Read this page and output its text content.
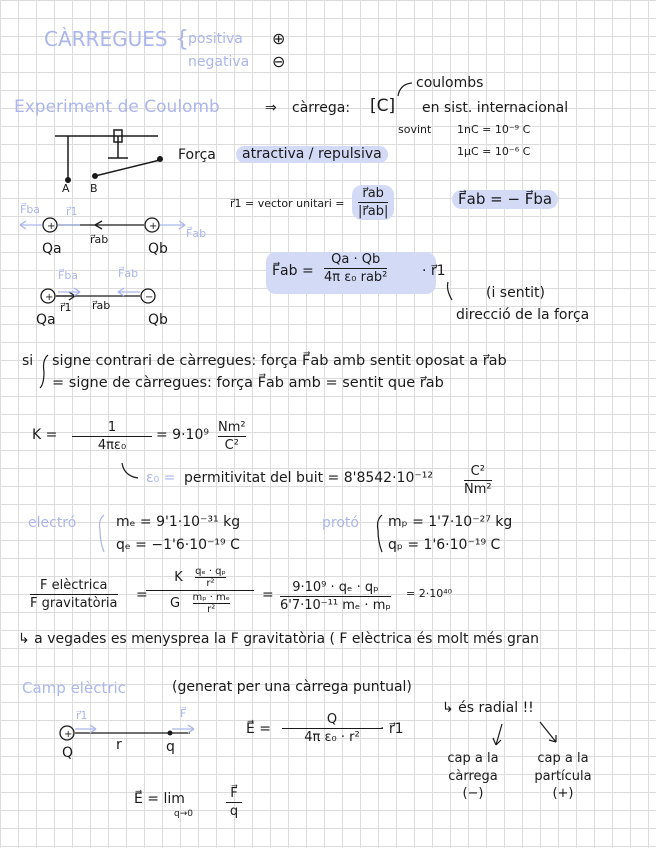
+	+
+	−
+
CÀRREGUES { positiva ⊕
negativa ⊖
Experiment de Coulomb	⇒ càrrega: [C] en sist. internacional
coulombs
sovint 1nC = 10⁻⁹ C
1μC = 10⁻⁶ C
Força	atractiva / repulsiva
A B
F⃗ba r⃗1
r⃗ab	F⃗ab
Qa	Qb
F⃗ba	F⃗ab
r⃗1 r⃗ab
Qa	Qb
r⃗1 = vector unitari =
r⃗ab
|r⃗ab|
F⃗ab = − F⃗ba
F⃗ab =
Qa · Qb
4π ε₀ rab² · r⃗1
(i sentit)
direcció de la força
si signe contrari de càrregues: força F⃗ab amb sentit oposat a r⃗ab
= signe de càrregues: força F⃗ab amb = sentit que r⃗ab
K =	1
4πε₀
= 9·10⁹ Nm²
C²
ε₀ = permitivitat del buit = 8'8542·10⁻¹²	C²
Nm²
electró	mₑ = 9'1·10⁻³¹ kg
qₑ = −1'6·10⁻¹⁹ C
protó mₚ = 1'7·10⁻²⁷ kg
qₚ = 1'6·10⁻¹⁹ C
F elèctrica
F gravitatòria
=
K $\frac{\text{qₑ · qₚ}}{\text{r²}}$
G $\frac{\text{mₚ · mₑ}}{\text{r²}} = 9\cdot 10^9 \cdot q_e \cdot q_p$
6'7·10⁻¹¹ mₑ · mₚ
= 2·10⁴⁰
↳ a vegades es menysprea la F gravitatòria ( F elèctrica és molt més gran
Camp elèctric	(generat per una càrrega puntual)
↳ és radial !!
r⃗1	F⃗
Q	r	q
E⃗ =
Q
4π ε₀ · r²
· r⃗1
cap a la càrrega (−)
cap a la partícula (+)
E⃗ = lim
q→0
F⃗
q
